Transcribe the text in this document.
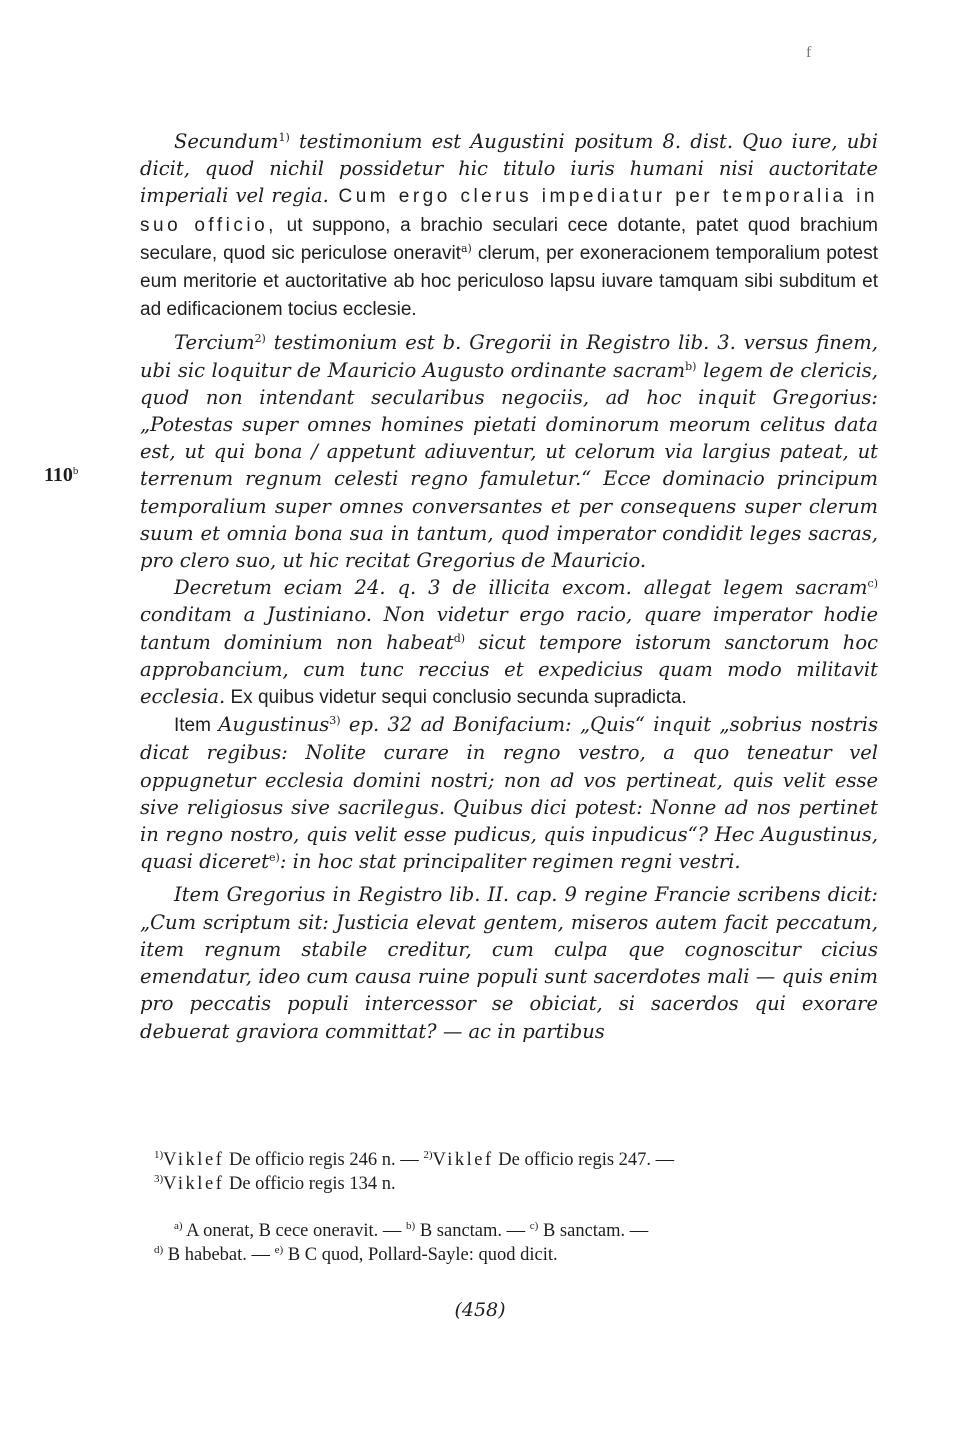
f
110$^b$

Secundum$^{1)}$ testimonium est Augustini positum 8. dist. Quo iure, ubi dicit, quod nichil possidetur hic titulo iuris humani nisi auctoritate imperiali vel regia. Cum ergo clerus impediatur per temporalia in suo officio, ut suppono, a brachio seculari cece dotante, patet quod brachium seculare, quod sic periculose oneravit$^{a)}$ clerum, per exoneracionem temporalium potest eum meritorie et auctoritative ab hoc periculoso lapsu iuvare tamquam sibi subditum et ad edificacionem tocius ecclesie.

Tercium$^{2)}$ testimonium est b. Gregorii in Registro lib. 3. versus finem, ubi sic loquitur de Mauricio Augusto ordinante sacram$^{b)}$ legem de clericis, quod non intendant secularibus negociis, ad hoc inquit Gregorius: „Potestas super omnes homines pietati dominorum meorum celitus data est, ut qui bona / appetunt adiuventur, ut celorum via largius pateat, ut terrenum regnum celesti regno famuletur.“ Ecce dominacio principum temporalium super omnes conversantes et per consequens super clerum suum et omnia bona sua in tantum, quod imperator condidit leges sacras, pro clero suo, ut hic recitat Gregorius de Mauricio.

Decretum eciam 24. q. 3 de illicita excom. allegat legem sacram$^{c)}$ conditam a Justiniano. Non videtur ergo racio, quare imperator hodie tantum dominium non habeat$^{d)}$ sicut tempore istorum sanctorum hoc approbancium, cum tunc reccius et expedicius quam modo militavit ecclesia. Ex quibus videtur sequi conclusio secunda supradicta.

Item Augustinus$^{3)}$ ep. 32 ad Bonifacium: „Quis“ inquit „sobrius nostris dicat regibus: Nolite curare in regno vestro, a quo teneatur vel oppugnetur ecclesia domini nostri; non ad vos pertineat, quis velit esse sive religiosus sive sacrilegus. Quibus dici potest: Nonne ad nos pertinet in regno nostro, quis velit esse pudicus, quis inpudicus“? Hec Augustinus, quasi diceret$^{e)}$: in hoc stat principaliter regimen regni vestri.

Item Gregorius in Registro lib. II. cap. 9 regine Francie scribens dicit: „Cum scriptum sit: Justicia elevat gentem, miseros autem facit peccatum, item regnum stabile creditur, cum culpa que cognoscitur cicius emendatur, ideo cum causa ruine populi sunt sacerdotes mali — quis enim pro peccatis populi intercessor se obiciat, si sacerdos qui exorare debuerat graviora committat? — ac in partibus

$^{1)}$Viklef De officio regis 246 n. — $^{2)}$Viklef De officio regis 247. —

$^{3)}$Viklef De officio regis 134 n.

$^{a)}$ A onerat, B cece oneravit. — $^{b)}$ B sanctam. — $^{c)}$ B sanctam. —

$^{d)}$ B habebat. — $^{e)}$ B C quod, Pollard-Sayle: quod dicit.

(458)
